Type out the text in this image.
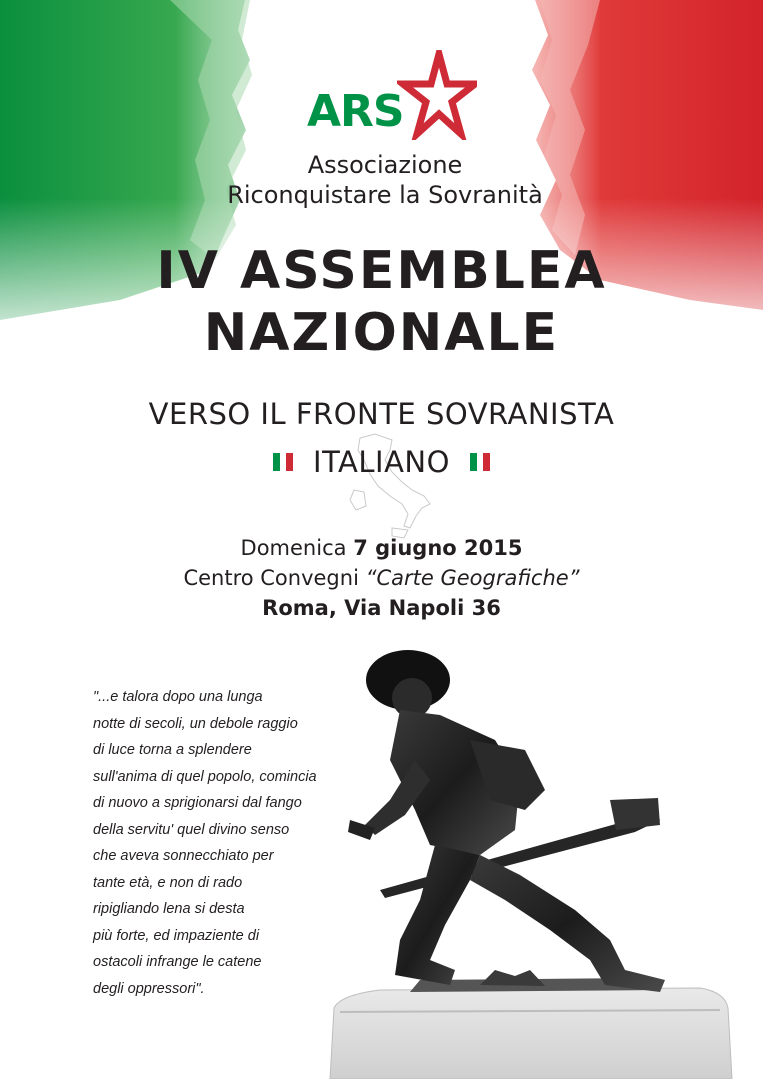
ARS
Associazione
Riconquistare la Sovranità
IV ASSEMBLEA
NAZIONALE
VERSO IL FRONTE SOVRANISTA
ITALIANO
Domenica 7 giugno 2015
Centro Convegni “Carte Geografiche”
Roma, Via Napoli 36
"...e talora dopo una lunga
notte di secoli, un debole raggio
di luce torna a splendere
sull'anima di quel popolo, comincia
di nuovo a sprigionarsi dal fango
della servitu' quel divino senso
che aveva sonnecchiato per
tante età, e non di rado
ripigliando lena si desta
più forte, ed impaziente di
ostacoli infrange le catene
degli oppressori".
